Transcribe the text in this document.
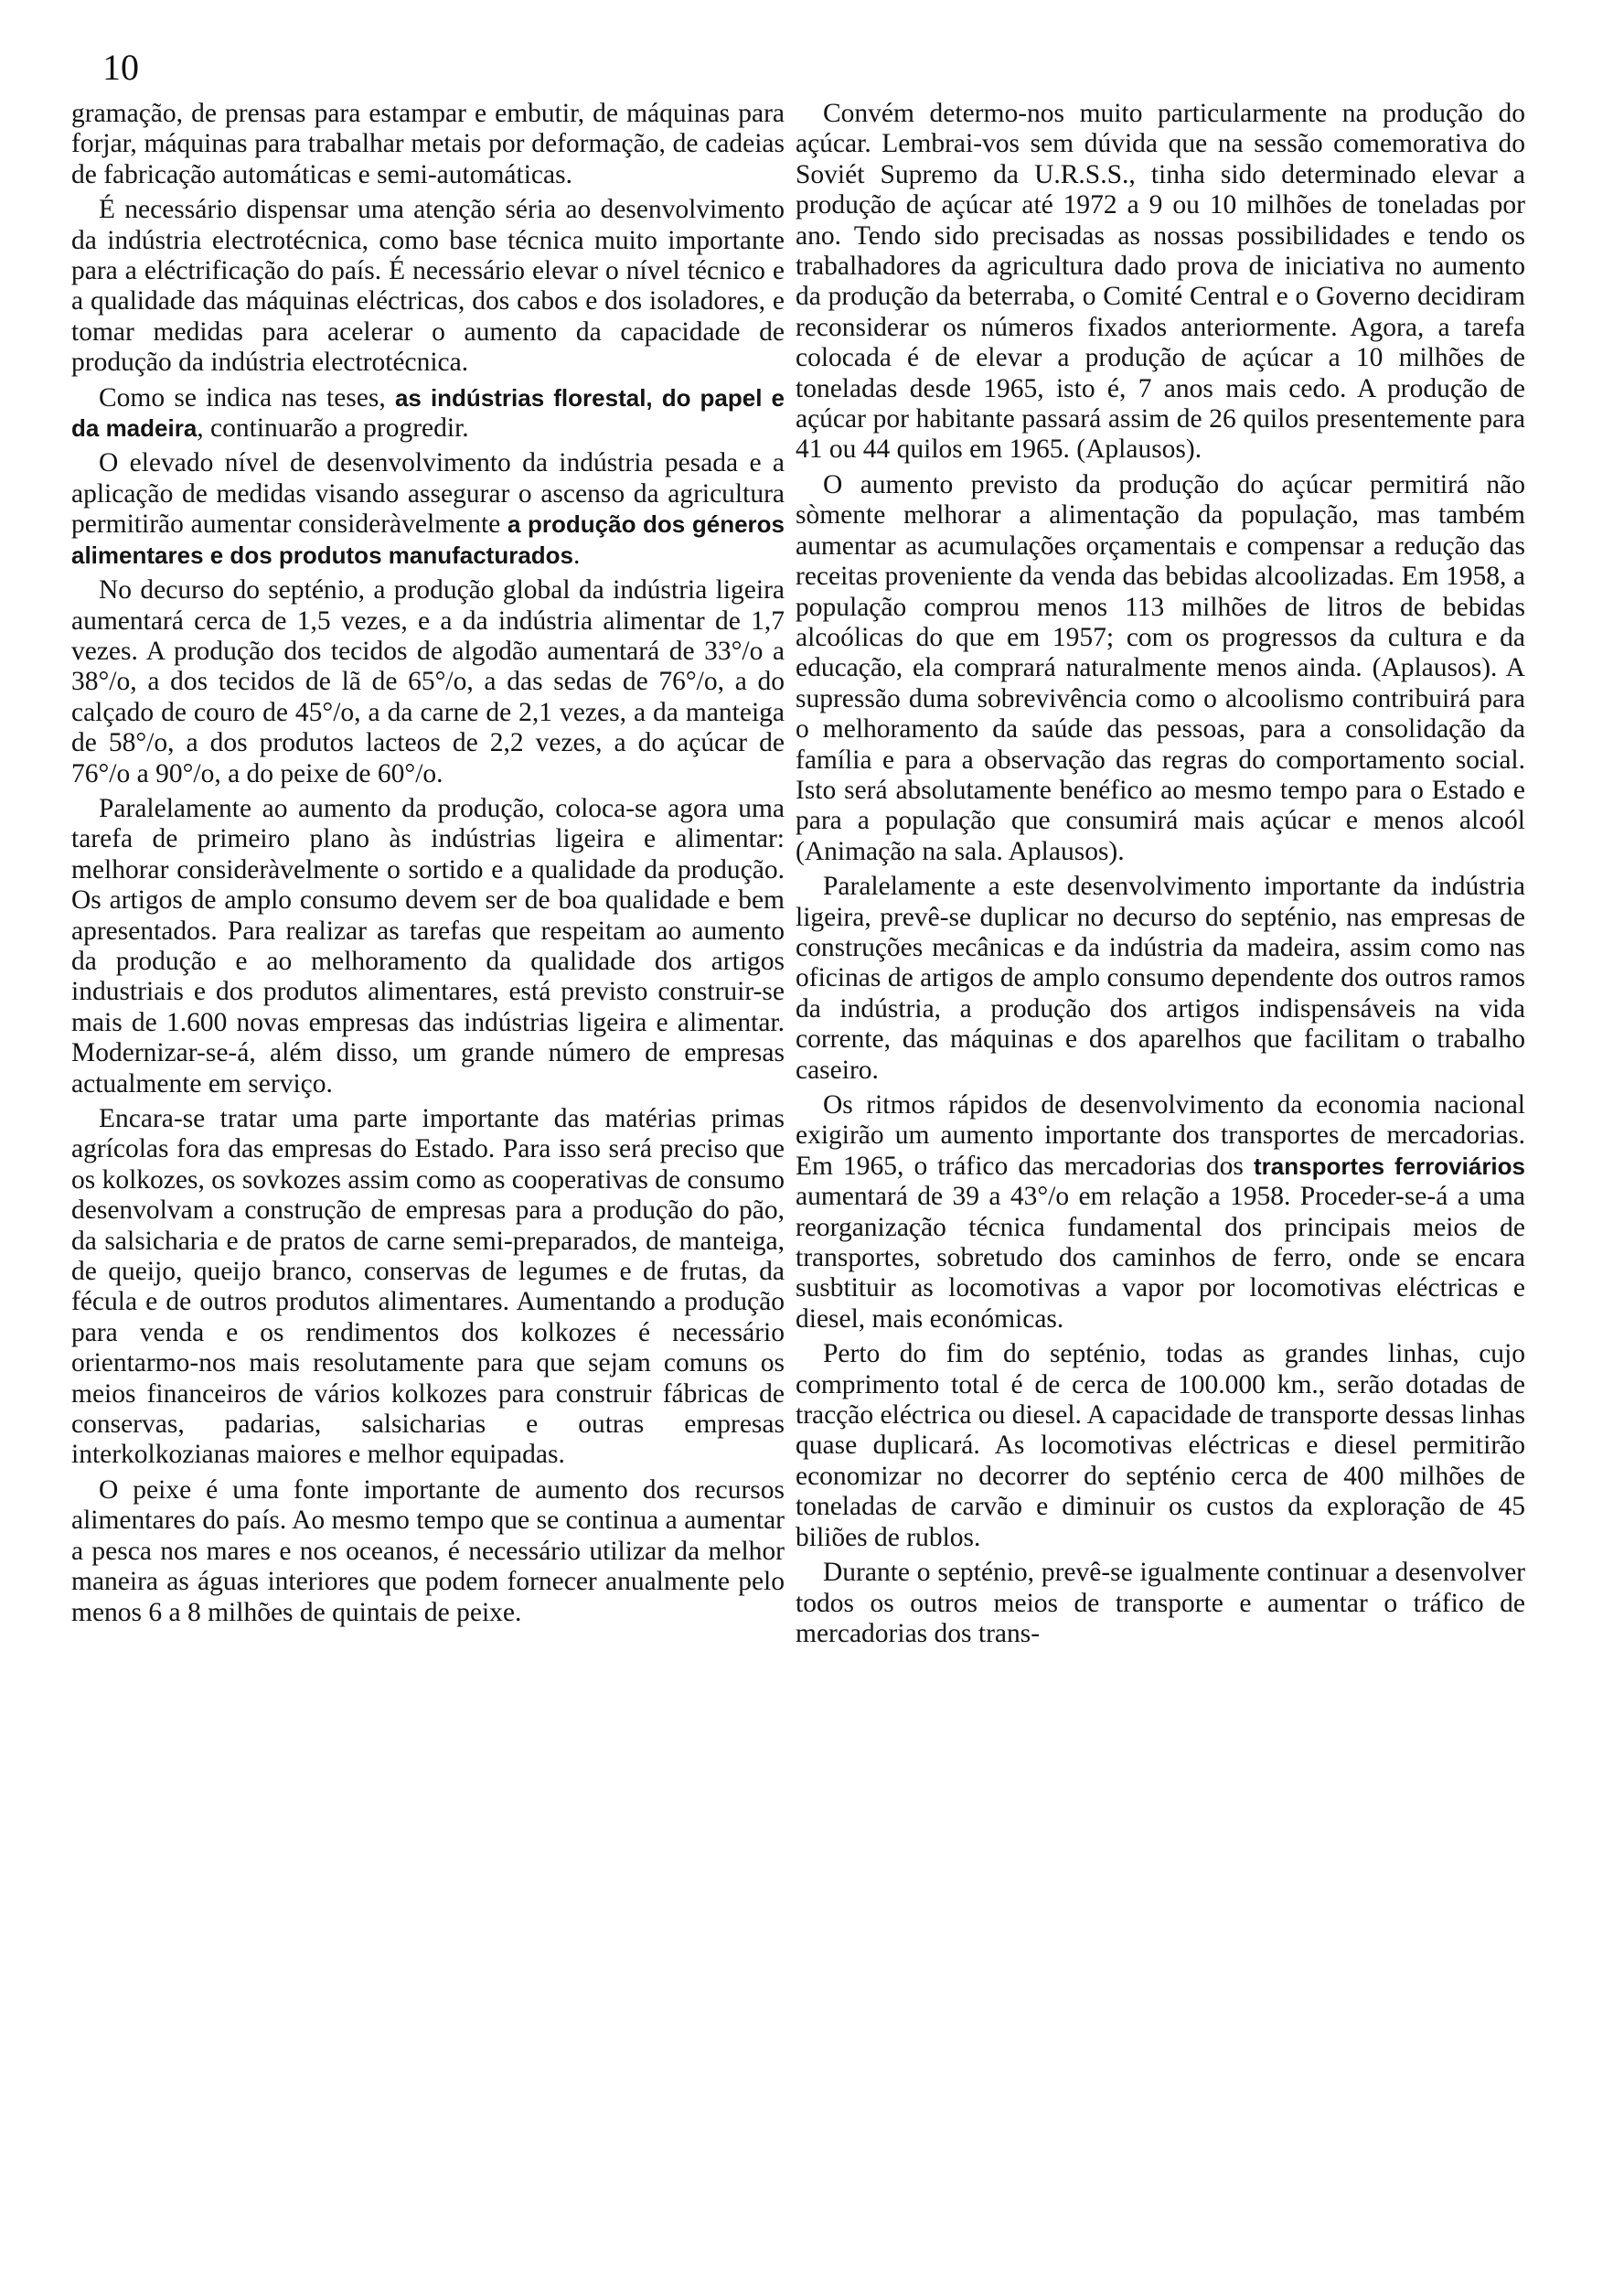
10

gramação, de prensas para estampar e embutir, de máquinas para forjar, máquinas para trabalhar metais por deformação, de cadeias de fabricação automáticas e semi-automáticas.

É necessário dispensar uma atenção séria ao desenvolvimento da indústria electrotécnica, como base técnica muito importante para a eléctrificação do país. É necessário elevar o nível técnico e a qualidade das máquinas eléctricas, dos cabos e dos isoladores, e tomar medidas para acelerar o aumento da capacidade de produção da indústria electrotécnica.

Como se indica nas teses, as indústrias florestal, do papel e da madeira, continuarão a progredir.

O elevado nível de desenvolvimento da indústria pesada e a aplicação de medidas visando assegurar o ascenso da agricultura permitirão aumentar consideràvelmente a produção dos géneros alimentares e dos produtos manufacturados.

No decurso do septénio, a produção global da indústria ligeira aumentará cerca de 1,5 vezes, e a da indústria alimentar de 1,7 vezes. A produção dos tecidos de algodão aumentará de 33°/o a 38°/o, a dos tecidos de lã de 65°/o, a das sedas de 76°/o, a do calçado de couro de 45°/o, a da carne de 2,1 vezes, a da manteiga de 58°/o, a dos produtos lacteos de 2,2 vezes, a do açúcar de 76°/o a 90°/o, a do peixe de 60°/o.

Paralelamente ao aumento da produção, coloca-se agora uma tarefa de primeiro plano às indústrias ligeira e alimentar: melhorar consideràvelmente o sortido e a qualidade da produção. Os artigos de amplo consumo devem ser de boa qualidade e bem apresentados. Para realizar as tarefas que respeitam ao aumento da produção e ao melhoramento da qualidade dos artigos industriais e dos produtos alimentares, está previsto construir-se mais de 1.600 novas empresas das indústrias ligeira e alimentar. Modernizar-se-á, além disso, um grande número de empresas actualmente em serviço.

Encara-se tratar uma parte importante das matérias primas agrícolas fora das empresas do Estado. Para isso será preciso que os kolkozes, os sovkozes assim como as cooperativas de consumo desenvolvam a construção de empresas para a produção do pão, da salsicharia e de pratos de carne semi-preparados, de manteiga, de queijo, queijo branco, conservas de legumes e de frutas, da fécula e de outros produtos alimentares. Aumentando a produção para venda e os rendimentos dos kolkozes é necessário orientarmo-nos mais resolutamente para que sejam comuns os meios financeiros de vários kolkozes para construir fábricas de conservas, padarias, salsicharias e outras empresas interkolkozianas maiores e melhor equipadas.

O peixe é uma fonte importante de aumento dos recursos alimentares do país. Ao mesmo tempo que se continua a aumentar a pesca nos mares e nos oceanos, é necessário utilizar da melhor maneira as águas interiores que podem fornecer anualmente pelo menos 6 a 8 milhões de quintais de peixe.

Convém determo-nos muito particularmente na produção do açúcar. Lembrai-vos sem dúvida que na sessão comemorativa do Soviét Supremo da U.R.S.S., tinha sido determinado elevar a produção de açúcar até 1972 a 9 ou 10 milhões de toneladas por ano. Tendo sido precisadas as nossas possibilidades e tendo os trabalhadores da agricultura dado prova de iniciativa no aumento da produção da beterraba, o Comité Central e o Governo decidiram reconsiderar os números fixados anteriormente. Agora, a tarefa colocada é de elevar a produção de açúcar a 10 milhões de toneladas desde 1965, isto é, 7 anos mais cedo. A produção de açúcar por habitante passará assim de 26 quilos presentemente para 41 ou 44 quilos em 1965. (Aplausos).

O aumento previsto da produção do açúcar permitirá não sòmente melhorar a alimentação da população, mas também aumentar as acumulações orçamentais e compensar a redução das receitas proveniente da venda das bebidas alcoolizadas. Em 1958, a população comprou menos 113 milhões de litros de bebidas alcoólicas do que em 1957; com os progressos da cultura e da educação, ela comprará naturalmente menos ainda. (Aplausos). A supressão duma sobrevivência como o alcoolismo contribuirá para o melhoramento da saúde das pessoas, para a consolidação da família e para a observação das regras do comportamento social. Isto será absolutamente benéfico ao mesmo tempo para o Estado e para a população que consumirá mais açúcar e menos alcoól (Animação na sala. Aplausos).

Paralelamente a este desenvolvimento importante da indústria ligeira, prevê-se duplicar no decurso do septénio, nas empresas de construções mecânicas e da indústria da madeira, assim como nas oficinas de artigos de amplo consumo dependente dos outros ramos da indústria, a produção dos artigos indispensáveis na vida corrente, das máquinas e dos aparelhos que facilitam o trabalho caseiro.

Os ritmos rápidos de desenvolvimento da economia nacional exigirão um aumento importante dos transportes de mercadorias. Em 1965, o tráfico das mercadorias dos transportes ferroviários aumentará de 39 a 43°/o em relação a 1958. Proceder-se-á a uma reorganização técnica fundamental dos principais meios de transportes, sobretudo dos caminhos de ferro, onde se encara susbtituir as locomotivas a vapor por locomotivas eléctricas e diesel, mais económicas.

Perto do fim do septénio, todas as grandes linhas, cujo comprimento total é de cerca de 100.000 km., serão dotadas de tracção eléctrica ou diesel. A capacidade de transporte dessas linhas quase duplicará. As locomotivas eléctricas e diesel permitirão economizar no decorrer do septénio cerca de 400 milhões de toneladas de carvão e diminuir os custos da exploração de 45 biliões de rublos.

Durante o septénio, prevê-se igualmente continuar a desenvolver todos os outros meios de transporte e aumentar o tráfico de mercadorias dos trans-
